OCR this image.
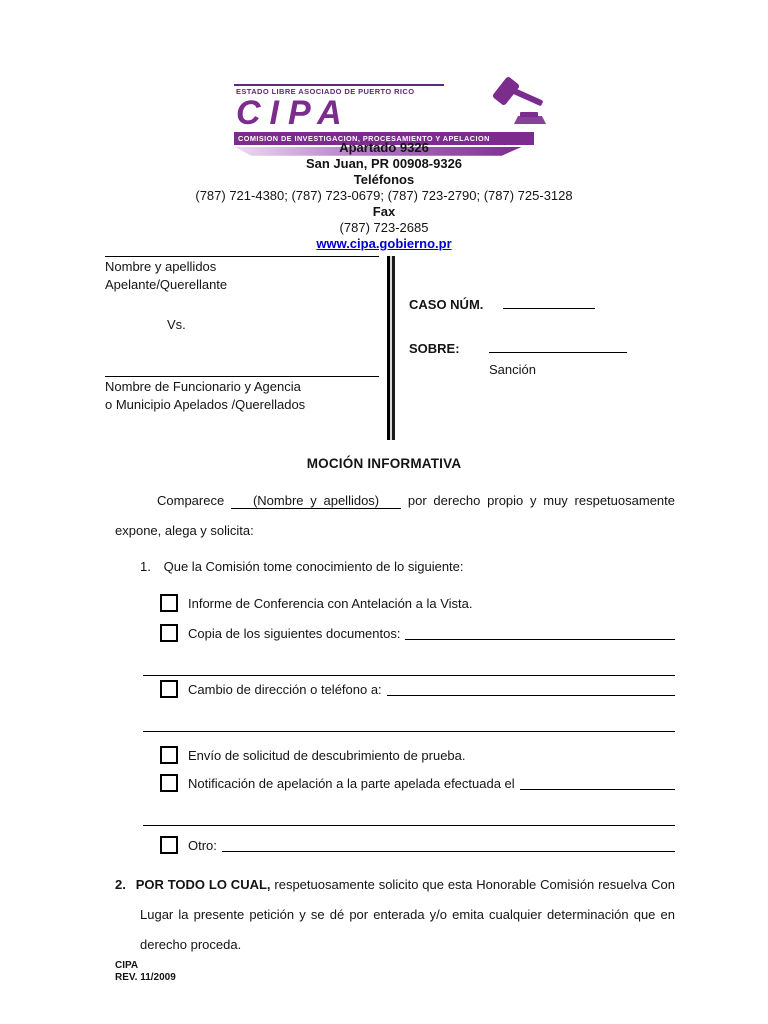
ESTADO LIBRE ASOCIADO DE PUERTO RICO
CIPA
COMISION DE INVESTIGACION, PROCESAMIENTO Y APELACION
Apartado 9326
San Juan, PR 00908-9326
Teléfonos
(787) 721-4380; (787) 723-0679; (787) 723-2790; (787) 725-3128
Fax
(787) 723-2685
www.cipa.gobierno.pr
Nombre y apellidos
Apelante/Querellante
Vs.
Nombre de Funcionario y Agencia
o Municipio Apelados /Querellados
CASO NÚM.
SOBRE:
Sanción
MOCIÓN INFORMATIVA

Comparece (Nombre y apellidos) por derecho propio y muy respetuosamente expone, alega y solicita:

1. Que la Comisión tome conocimiento de lo siguiente:

Informe de Conferencia con Antelación a la Vista.
Copia de los siguientes documentos:
Cambio de dirección o teléfono a:
Envío de solicitud de descubrimiento de prueba.
Notificación de apelación a la parte apelada efectuada el
Otro:

2. POR TODO LO CUAL, respetuosamente solicito que esta Honorable Comisión resuelva Con Lugar la presente petición y se dé por enterada y/o emita cualquier determinación que en derecho proceda.

CIPA
REV. 11/2009
